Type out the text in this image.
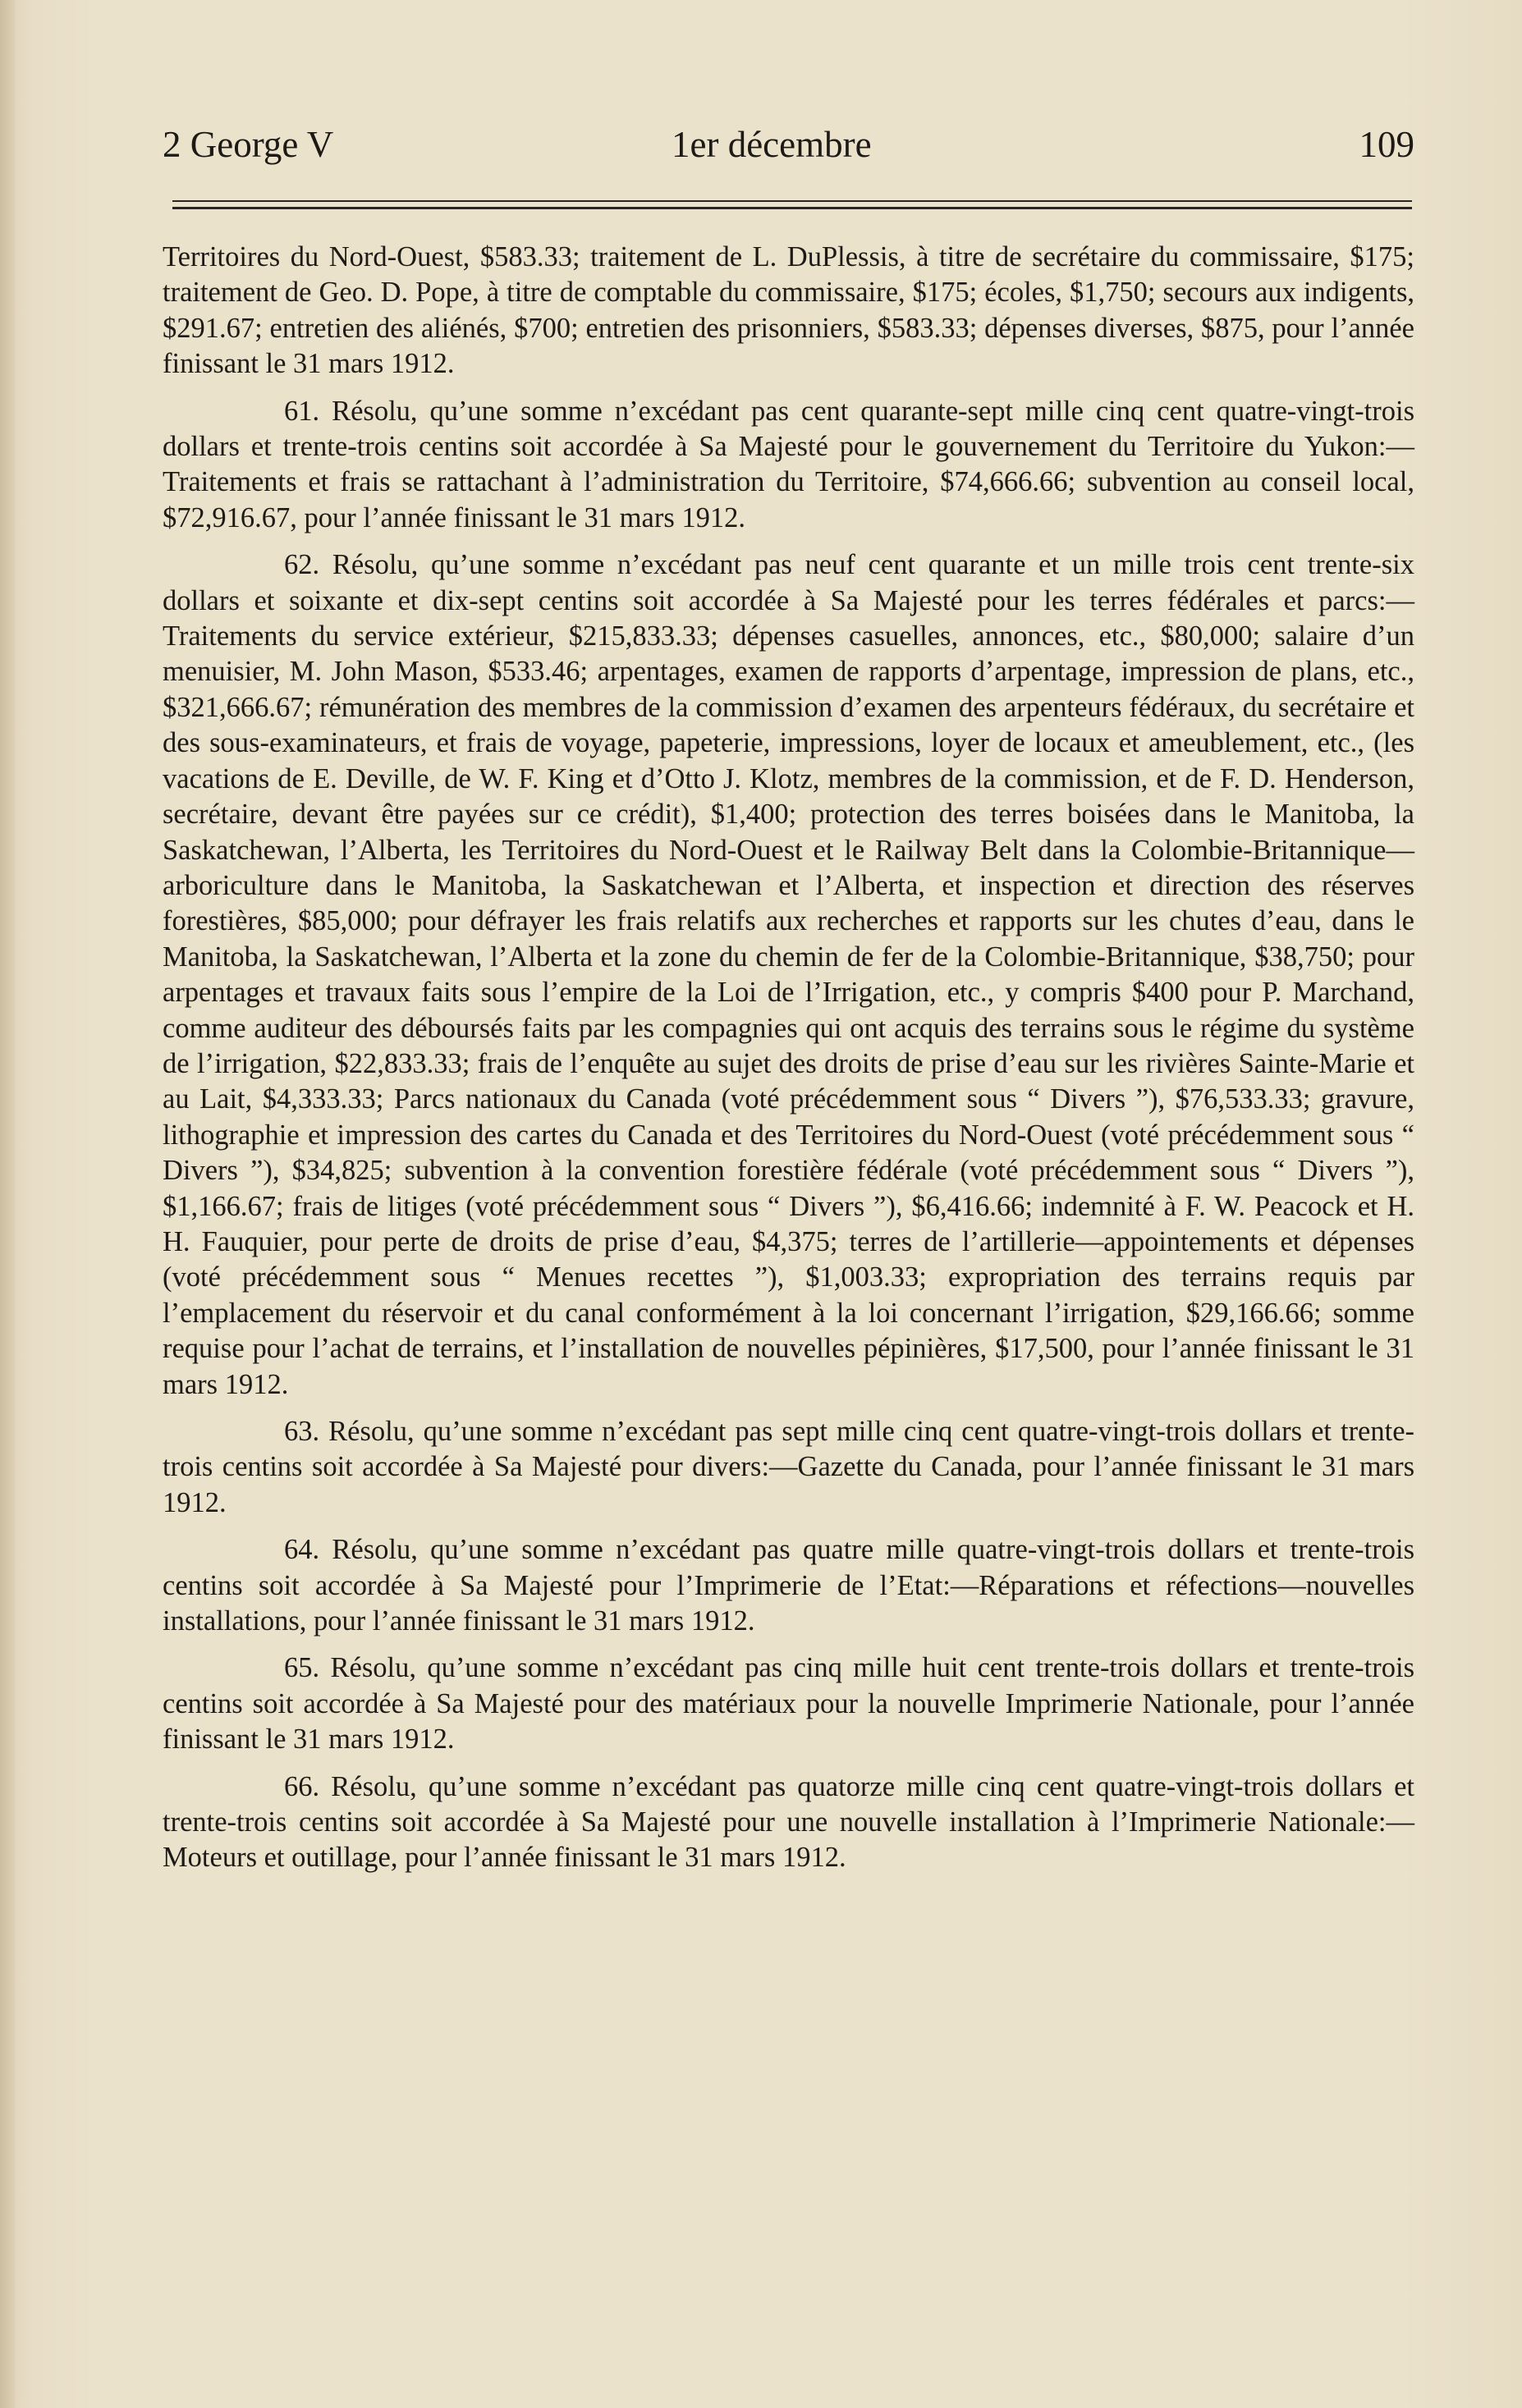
2 George V	1er décembre	109

Territoires du Nord-Ouest, $583.33; traitement de L. DuPlessis, à titre de secrétaire du commissaire, $175; traitement de Geo. D. Pope, à titre de comptable du commissaire, $175; écoles, $1,750; secours aux indigents, $291.67; entretien des aliénés, $700; entretien des prisonniers, $583.33; dépenses diverses, $875, pour l’année finissant le 31 mars 1912.

61. Résolu, qu’une somme n’excédant pas cent quarante-sept mille cinq cent quatre-vingt-trois dollars et trente-trois centins soit accordée à Sa Majesté pour le gouvernement du Territoire du Yukon:—Traitements et frais se rattachant à l’administration du Territoire, $74,666.66; subvention au conseil local, $72,916.67, pour l’année finissant le 31 mars 1912.

62. Résolu, qu’une somme n’excédant pas neuf cent quarante et un mille trois cent trente-six dollars et soixante et dix-sept centins soit accordée à Sa Majesté pour les terres fédérales et parcs:—Traitements du service extérieur, $215,833.33; dépenses casuelles, annonces, etc., $80,000; salaire d’un menuisier, M. John Mason, $533.46; arpentages, examen de rapports d’arpentage, impression de plans, etc., $321,666.67; rémunération des membres de la commission d’examen des arpenteurs fédéraux, du secrétaire et des sous-examinateurs, et frais de voyage, papeterie, impressions, loyer de locaux et ameublement, etc., (les vacations de E. Deville, de W. F. King et d’Otto J. Klotz, membres de la commission, et de F. D. Henderson, secrétaire, devant être payées sur ce crédit), $1,400; protection des terres boisées dans le Manitoba, la Saskatchewan, l’Alberta, les Territoires du Nord-Ouest et le Railway Belt dans la Colombie-Britannique—arboriculture dans le Manitoba, la Saskatchewan et l’Alberta, et inspection et direction des réserves forestières, $85,000; pour défrayer les frais relatifs aux recherches et rapports sur les chutes d’eau, dans le Manitoba, la Saskatchewan, l’Alberta et la zone du chemin de fer de la Colombie-Britannique, $38,750; pour arpentages et travaux faits sous l’empire de la Loi de l’Irrigation, etc., y compris $400 pour P. Marchand, comme auditeur des déboursés faits par les compagnies qui ont acquis des terrains sous le régime du système de l’irrigation, $22,833.33; frais de l’enquête au sujet des droits de prise d’eau sur les rivières Sainte-Marie et au Lait, $4,333.33; Parcs nationaux du Canada (voté précédemment sous “ Divers ”), $76,533.33; gravure, lithographie et impression des cartes du Canada et des Territoires du Nord-Ouest (voté précédemment sous “ Divers ”), $34,825; subvention à la convention forestière fédérale (voté précédemment sous “ Divers ”), $1,166.67; frais de litiges (voté précédemment sous “ Divers ”), $6,416.66; indemnité à F. W. Peacock et H. H. Fauquier, pour perte de droits de prise d’eau, $4,375; terres de l’artillerie—appointements et dépenses (voté précédemment sous “ Menues recettes ”), $1,003.33; expropriation des terrains requis par l’emplacement du réservoir et du canal conformément à la loi concernant l’irrigation, $29,166.66; somme requise pour l’achat de terrains, et l’installation de nouvelles pépinières, $17,500, pour l’année finissant le 31 mars 1912.

63. Résolu, qu’une somme n’excédant pas sept mille cinq cent quatre-vingt-trois dollars et trente-trois centins soit accordée à Sa Majesté pour divers:—Gazette du Canada, pour l’année finissant le 31 mars 1912.

64. Résolu, qu’une somme n’excédant pas quatre mille quatre-vingt-trois dollars et trente-trois centins soit accordée à Sa Majesté pour l’Imprimerie de l’Etat:—Réparations et réfections—nouvelles installations, pour l’année finissant le 31 mars 1912.

65. Résolu, qu’une somme n’excédant pas cinq mille huit cent trente-trois dollars et trente-trois centins soit accordée à Sa Majesté pour des matériaux pour la nouvelle Imprimerie Nationale, pour l’année finissant le 31 mars 1912.

66. Résolu, qu’une somme n’excédant pas quatorze mille cinq cent quatre-vingt-trois dollars et trente-trois centins soit accordée à Sa Majesté pour une nouvelle installation à l’Imprimerie Nationale:—Moteurs et outillage, pour l’année finissant le 31 mars 1912.
